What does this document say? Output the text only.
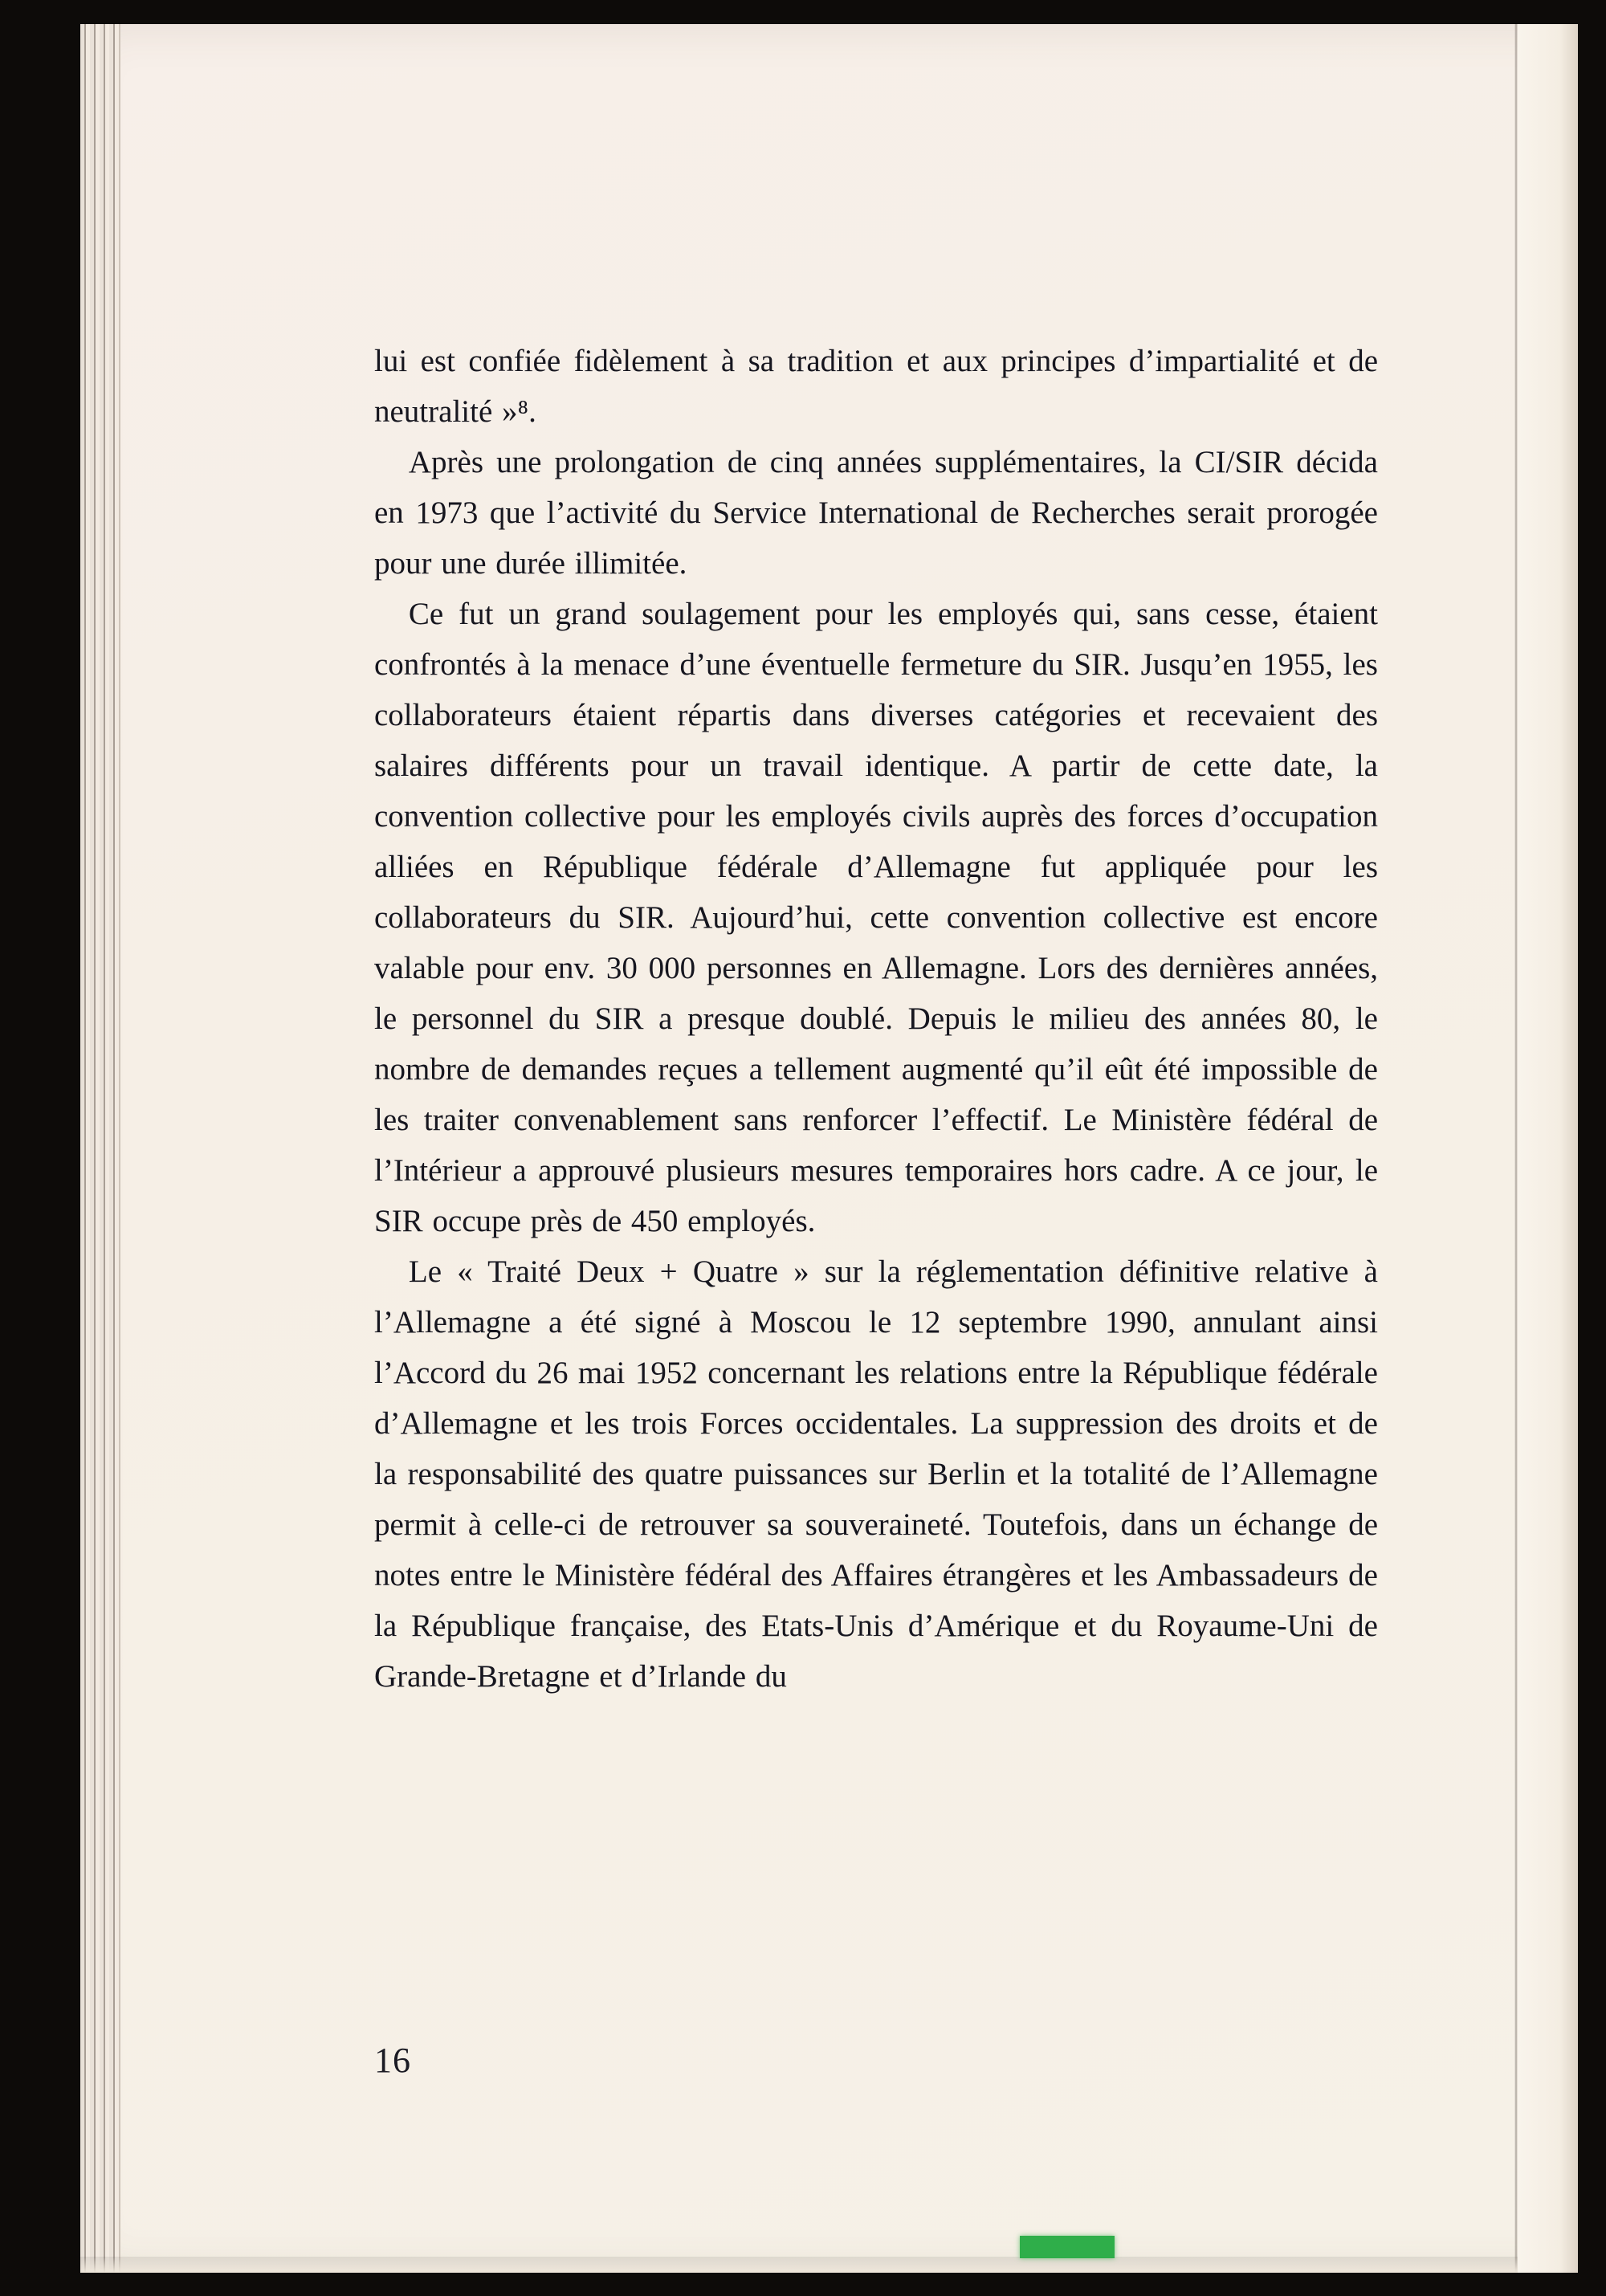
lui est confiée fidèlement à sa tradition et aux principes d’impartialité et de neutralité »⁸.

Après une prolongation de cinq années supplémentaires, la CI/SIR décida en 1973 que l’activité du Service International de Recherches serait prorogée pour une durée illimitée.

Ce fut un grand soulagement pour les employés qui, sans cesse, étaient confrontés à la menace d’une éventuelle fermeture du SIR. Jusqu’en 1955, les collaborateurs étaient répartis dans diverses catégories et recevaient des salaires différents pour un travail identique. A partir de cette date, la convention collective pour les employés civils auprès des forces d’occupation alliées en République fédérale d’Allemagne fut appliquée pour les collaborateurs du SIR. Aujourd’hui, cette convention collective est encore valable pour env. 30 000 personnes en Allemagne. Lors des dernières années, le personnel du SIR a presque doublé. Depuis le milieu des années 80, le nombre de demandes reçues a tellement augmenté qu’il eût été impossible de les traiter convenablement sans renforcer l’effectif. Le Ministère fédéral de l’Intérieur a approuvé plusieurs mesures temporaires hors cadre. A ce jour, le SIR occupe près de 450 employés.

Le « Traité Deux + Quatre » sur la réglementation définitive relative à l’Allemagne a été signé à Moscou le 12 septembre 1990, annulant ainsi l’Accord du 26 mai 1952 concernant les relations entre la République fédérale d’Allemagne et les trois Forces occidentales. La suppression des droits et de la responsabilité des quatre puissances sur Berlin et la totalité de l’Allemagne permit à celle-ci de retrouver sa souveraineté. Toutefois, dans un échange de notes entre le Ministère fédéral des Affaires étrangères et les Ambassadeurs de la République française, des Etats-Unis d’Amérique et du Royaume-Uni de Grande-Bretagne et d’Irlande du

16
